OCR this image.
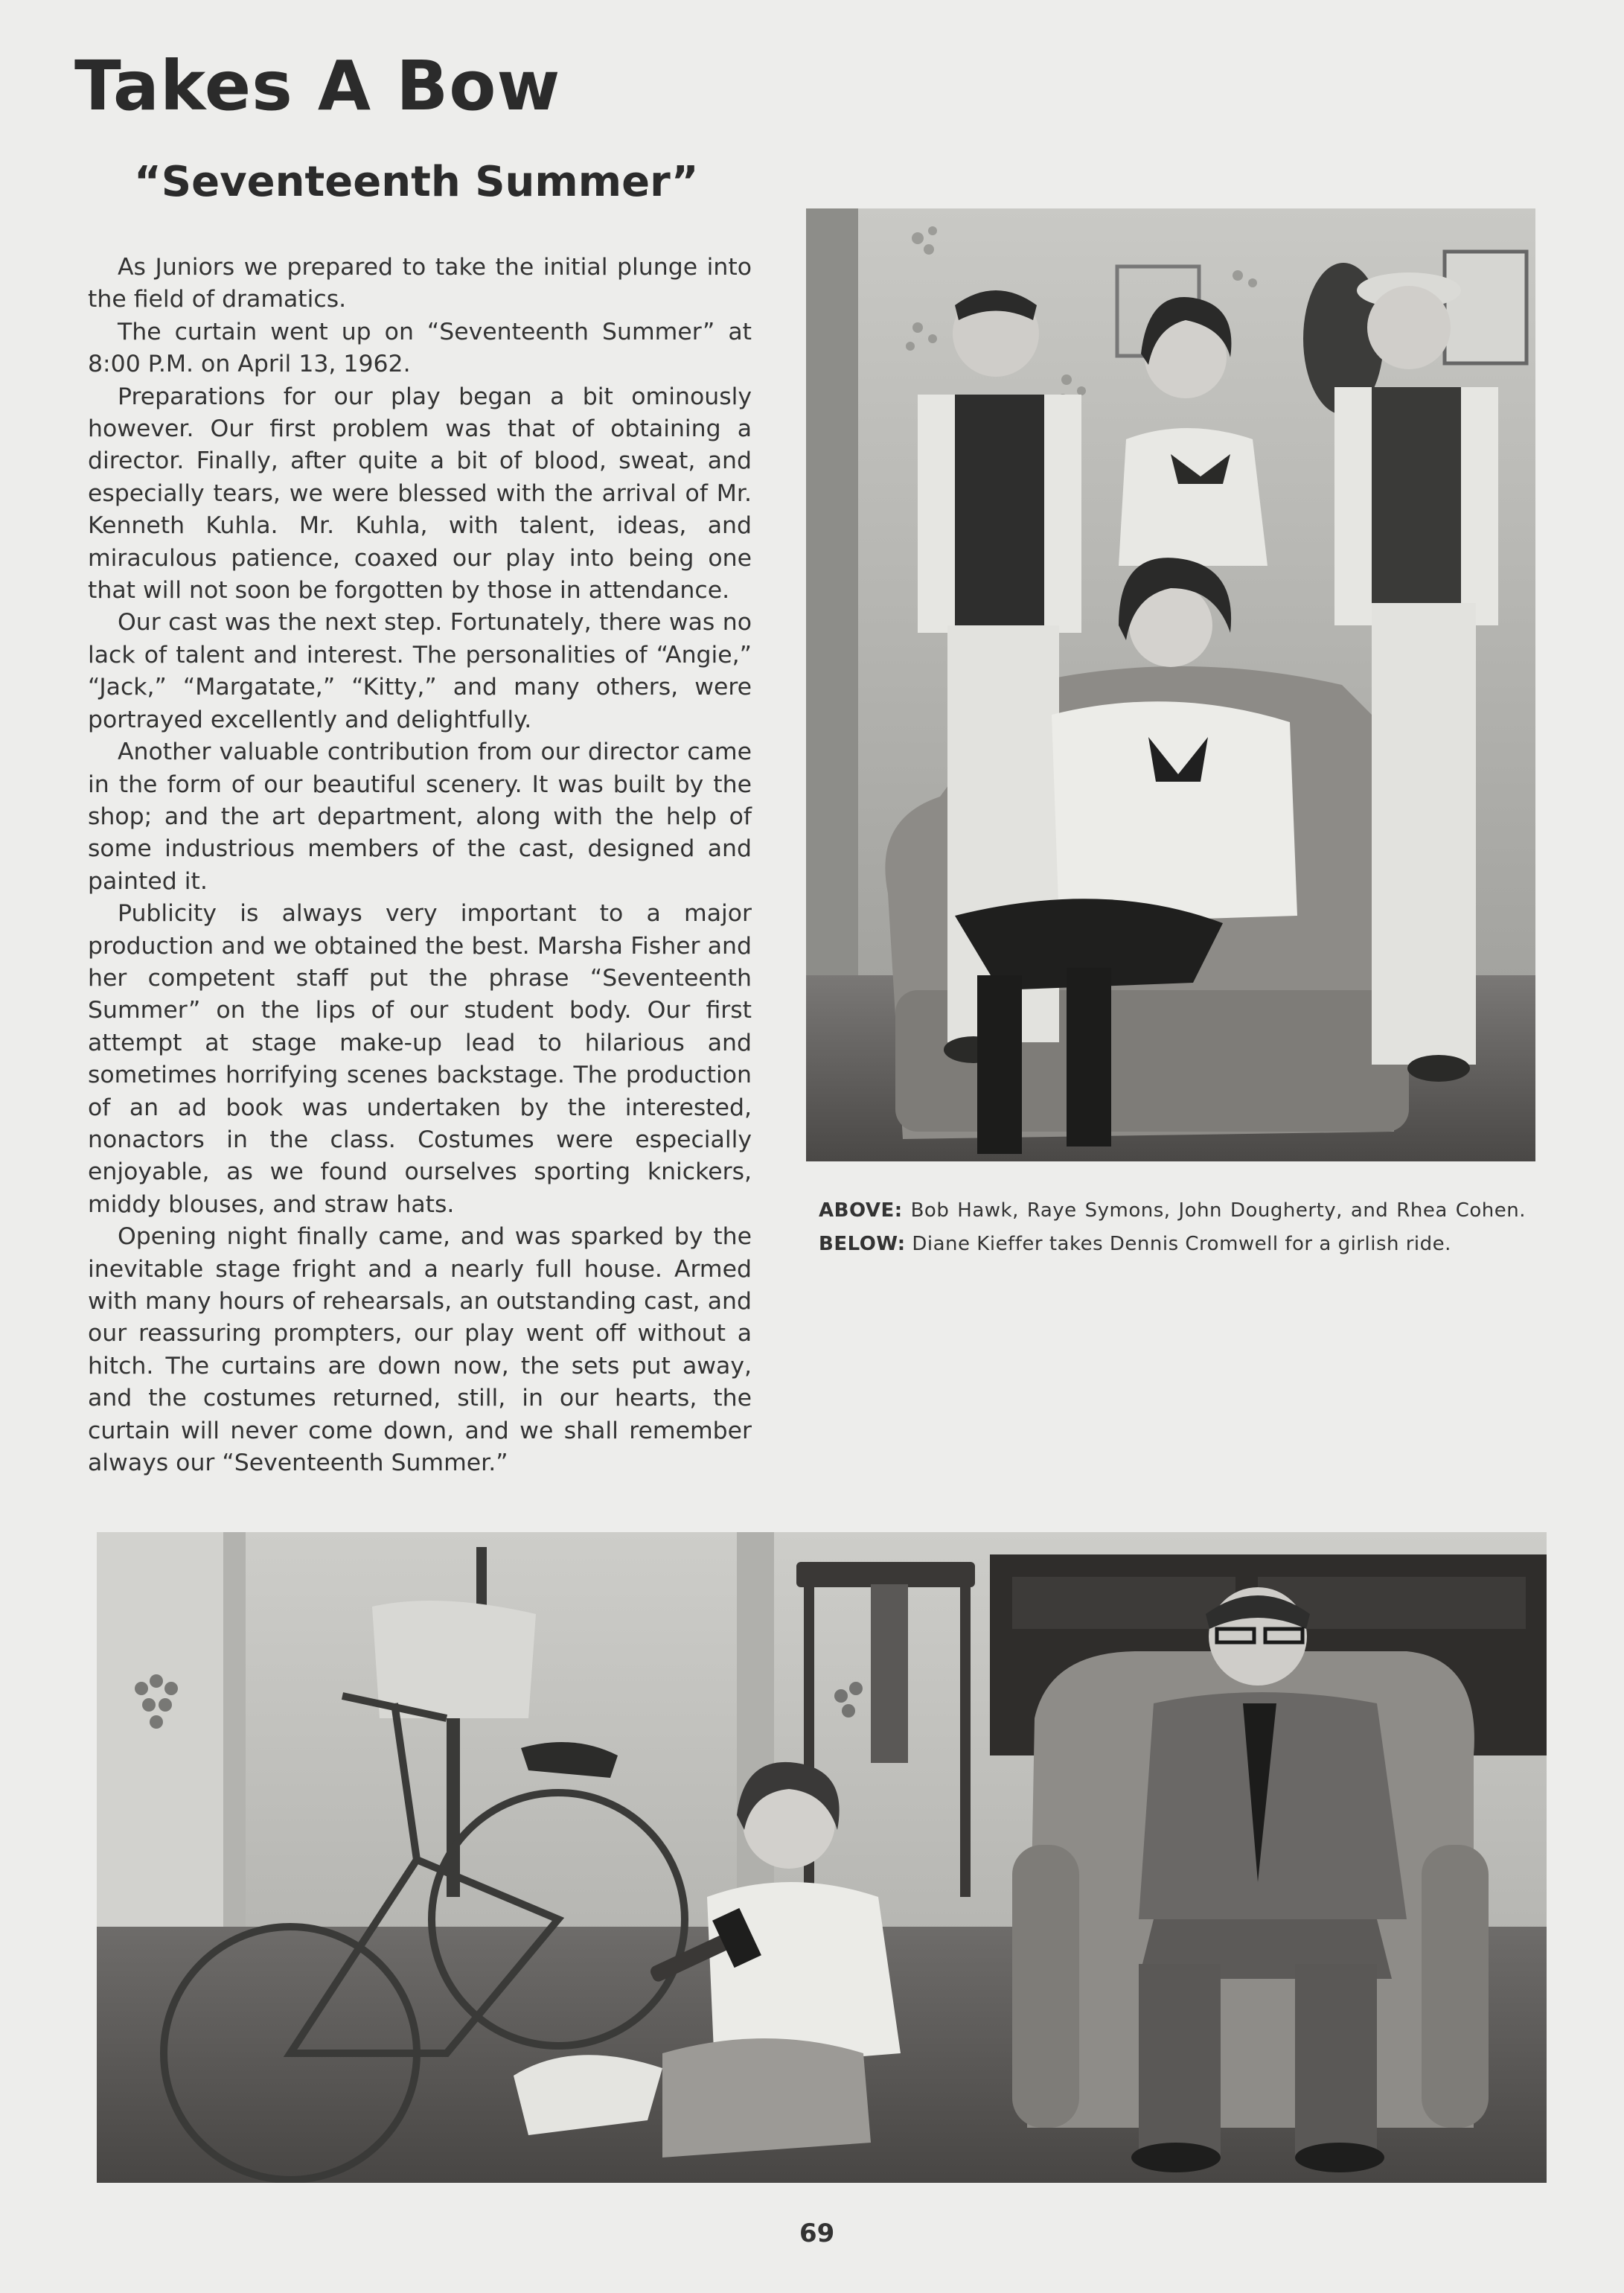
Takes A Bow
“Seventeenth Summer”

As Juniors we prepared to take the initial plunge into the field of dramatics.

The curtain went up on “Seventeenth Summer” at 8:00 P.M. on April 13, 1962.

Preparations for our play began a bit ominously however. Our first problem was that of obtaining a director. Finally, after quite a bit of blood, sweat, and especially tears, we were blessed with the arrival of Mr. Kenneth Kuhla. Mr. Kuhla, with talent, ideas, and miraculous patience, coaxed our play into being one that will not soon be forgotten by those in attendance.

Our cast was the next step. Fortunately, there was no lack of talent and interest. The personalities of “Angie,” “Jack,” “Margatate,” “Kitty,” and many others, were portrayed excellently and delightfully.

Another valuable contribution from our director came in the form of our beautiful scenery. It was built by the shop; and the art department, along with the help of some industrious members of the cast, designed and painted it.

Publicity is always very important to a major production and we obtained the best. Marsha Fisher and her competent staff put the phrase “Seventeenth Summer” on the lips of our student body. Our first attempt at stage make-up lead to hilarious and sometimes horrifying scenes backstage. The production of an ad book was undertaken by the interested, nonactors in the class. Costumes were especially enjoyable, as we found ourselves sporting knickers, middy blouses, and straw hats.

Opening night finally came, and was sparked by the inevitable stage fright and a nearly full house. Armed with many hours of rehearsals, an outstanding cast, and our reassuring prompters, our play went off without a hitch. The curtains are down now, the sets put away, and the costumes returned, still, in our hearts, the curtain will never come down, and we shall remember always our “Seventeenth Summer.”

ABOVE: Bob Hawk, Raye Symons, John Dougherty, and Rhea Cohen. BELOW: Diane Kieffer takes Dennis Cromwell for a girlish ride.
69
